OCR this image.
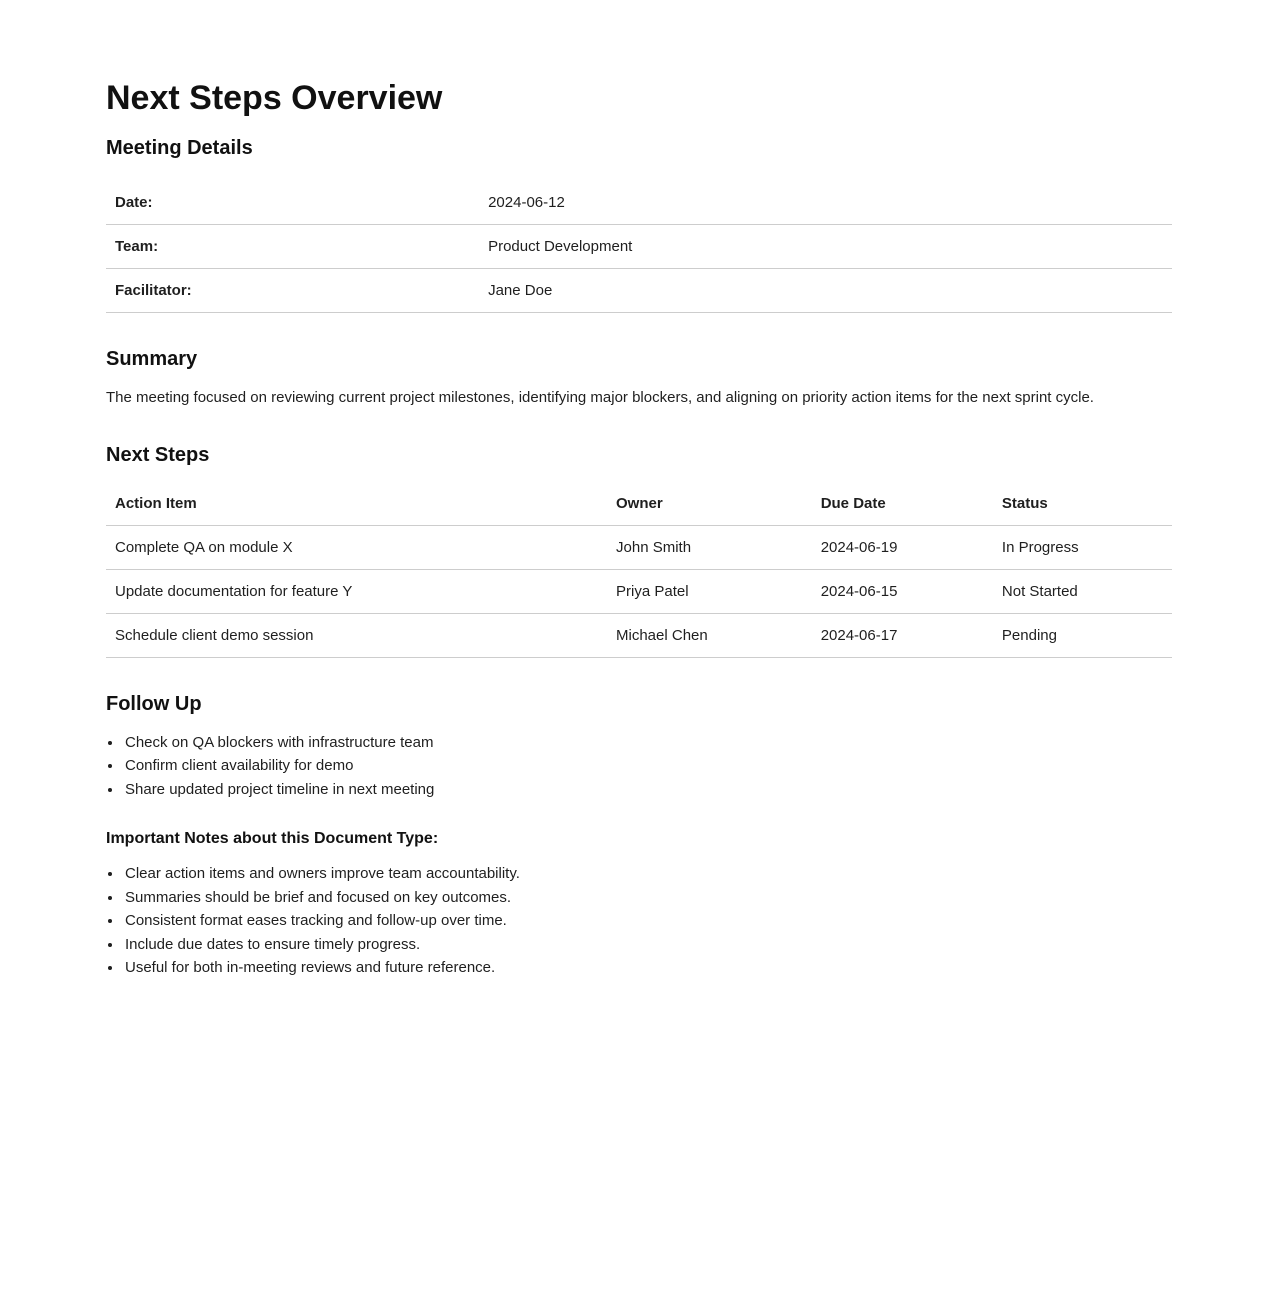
Next Steps Overview
Meeting Details
Date:	2024-06-12
Team:	Product Development
Facilitator:	Jane Doe
Summary

The meeting focused on reviewing current project milestones, identifying major blockers, and aligning on priority action items for the next sprint cycle.

Next Steps
Action Item	Owner	Due Date	Status
Complete QA on module X	John Smith	2024-06-19	In Progress
Update documentation for feature Y	Priya Patel	2024-06-15	Not Started
Schedule client demo session	Michael Chen	2024-06-17	Pending
Follow Up
• Check on QA blockers with infrastructure team
• Confirm client availability for demo
• Share updated project timeline in next meeting

Important Notes about this Document Type:

• Clear action items and owners improve team accountability.
• Summaries should be brief and focused on key outcomes.
• Consistent format eases tracking and follow-up over time.
• Include due dates to ensure timely progress.
• Useful for both in-meeting reviews and future reference.
